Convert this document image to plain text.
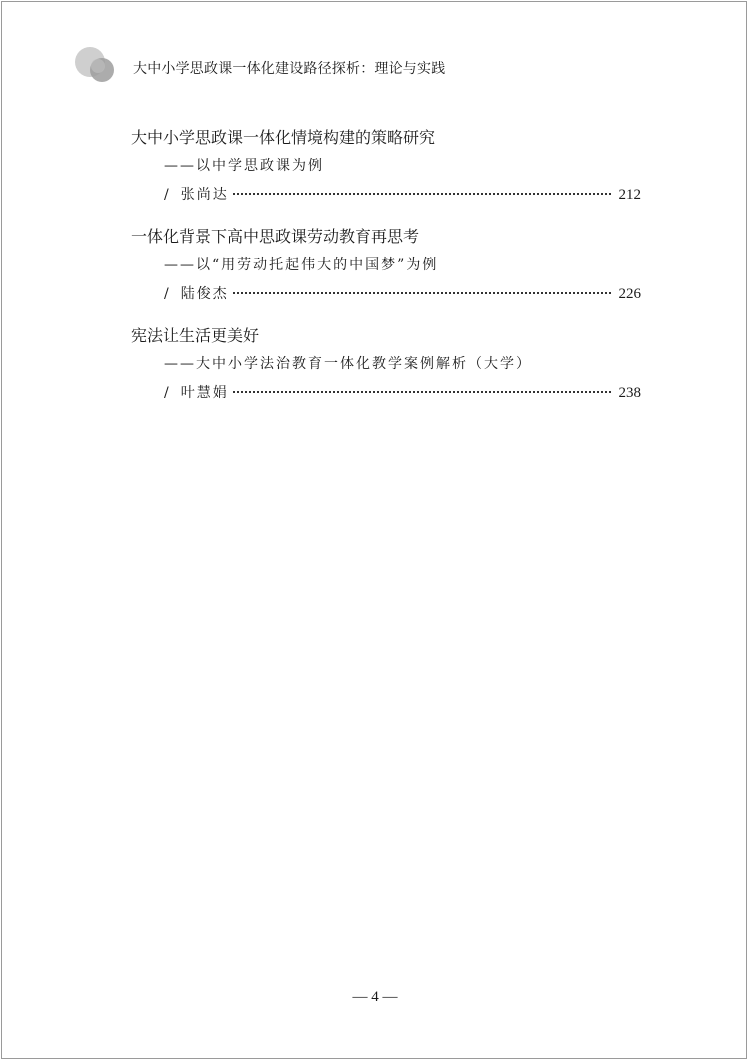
大中小学思政课一体化建设路径探析：理论与实践
大中小学思政课一体化情境构建的策略研究
——以中学思政课为例
/ 张尚达	212
一体化背景下高中思政课劳动教育再思考
——以“用劳动托起伟大的中国梦”为例
/ 陆俊杰	226
宪法让生活更美好
——大中小学法治教育一体化教学案例解析（大学）
/ 叶慧娟	238
— 4 —
